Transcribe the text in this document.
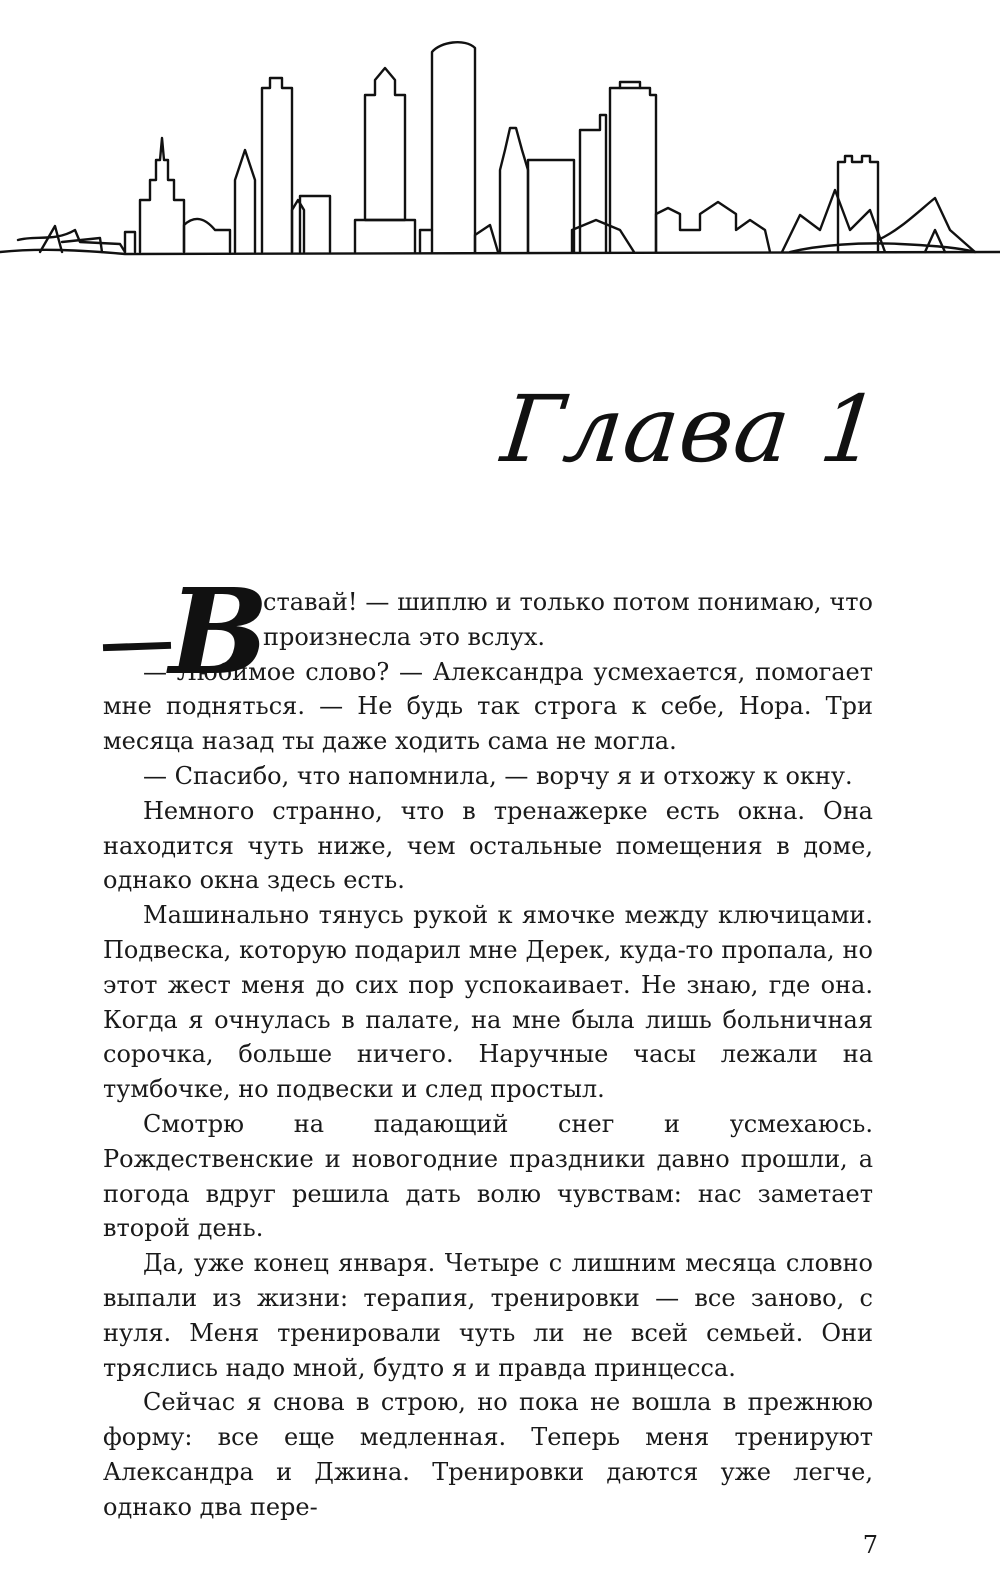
Глава 1
В

ставай! — шиплю и только потом понимаю, что произнесла это вслух.

— Любимое слово? — Александра усмехается, помогает мне подняться. — Не будь так строга к себе, Нора. Три месяца назад ты даже ходить сама не могла.

— Спасибо, что напомнила, — ворчу я и отхожу к окну.

Немного странно, что в тренажерке есть окна. Она находится чуть ниже, чем остальные помещения в доме, однако окна здесь есть.

Машинально тянусь рукой к ямочке между ключицами. Подвеска, которую подарил мне Дерек, куда-то пропала, но этот жест меня до сих пор успокаивает. Не знаю, где она. Когда я очнулась в палате, на мне была лишь больничная сорочка, больше ничего. Наручные часы лежали на тумбочке, но подвески и след простыл.

Смотрю на падающий снег и усмехаюсь. Рождественские и новогодние праздники давно прошли, а погода вдруг решила дать волю чувствам: нас заметает второй день.

Да, уже конец января. Четыре с лишним месяца словно выпали из жизни: терапия, тренировки — все заново, с нуля. Меня тренировали чуть ли не всей семьей. Они тряслись надо мной, будто я и правда принцесса.

Сейчас я снова в строю, но пока не вошла в прежнюю форму: все еще медленная. Теперь меня тренируют Александра и Джина. Тренировки даются уже легче, однако два пере-

7
